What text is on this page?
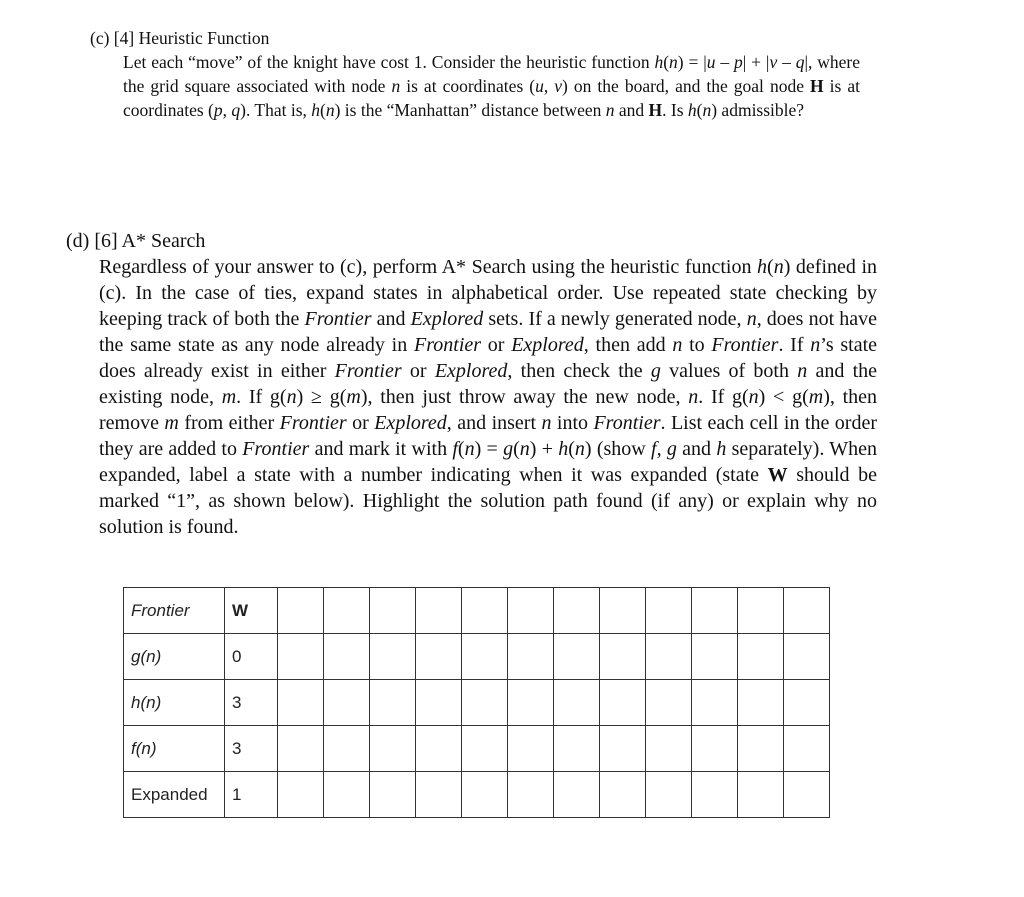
(c) [4] Heuristic Function

Let each “move” of the knight have cost 1. Consider the heuristic function h(n) = |u – p| + |v – q|, where the grid square associated with node n is at coordinates (u, v) on the board, and the goal node H is at coordinates (p, q). That is, h(n) is the “Manhattan” distance between n and H. Is h(n) admissible?

(d) [6] A* Search

Regardless of your answer to (c), perform A* Search using the heuristic function h(n) defined in (c). In the case of ties, expand states in alphabetical order. Use repeated state checking by keeping track of both the Frontier and Explored sets. If a newly generated node, n, does not have the same state as any node already in Frontier or Explored, then add n to Frontier. If n’s state does already exist in either Frontier or Explored, then check the g values of both n and the existing node, m. If g(n) ≥ g(m), then just throw away the new node, n. If g(n) < g(m), then remove m from either Frontier or Explored, and insert n into Frontier. List each cell in the order they are added to Frontier and mark it with f(n) = g(n) + h(n) (show f, g and h separately). When expanded, label a state with a number indicating when it was expanded (state W should be marked “1”, as shown below). Highlight the solution path found (if any) or explain why no solution is found.

Frontier	W												
g(n)	0												
h(n)	3												
f(n)	3												
Expanded	1												
